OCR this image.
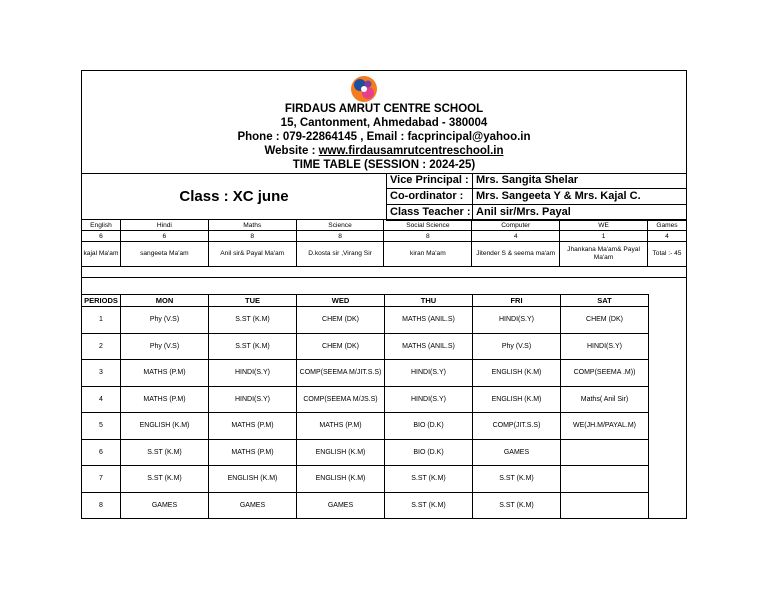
FIRDAUS AMRUT CENTRE SCHOOL
15, Cantonment, Ahmedabad - 380004
Phone : 079-22864145 , Email : facprincipal@yahoo.in
Website : www.firdausamrutcentreschool.in
TIME TABLE (SESSION : 2024-25)
Class : XC june
Vice Principal : Mrs. Sangita Shelar
Co-ordinator :	Mrs. Sangeeta Y & Mrs. Kajal C.
Class Teacher : Anil sir/Mrs. Payal
English	Hindi	Maths	Science	Social Science	Computer	WE	Games
6	6	8	8	8	4	1	4
kajal Ma'am	sangeeta Ma'am	Anil sir& Payal Ma'am	D.kosta sir ,Virang Sir	kiran Ma'am	Jitender S & seema ma'am	Jhankana Ma'am& Payal Ma'am	Total :- 45
PERIODS	MON	TUE	WED	THU	FRI	SAT
1	Phy (V.S)	S.ST (K.M)	CHEM (DK)	MATHS (ANIL.S)	HINDI(S.Y)	CHEM (DK)
2	Phy (V.S)	S.ST (K.M)	CHEM (DK)	MATHS (ANIL.S)	Phy (V.S)	HINDI(S.Y)
3	MATHS (P.M)	HINDI(S.Y)	COMP(SEEMA M/JIT.S.S)	HINDI(S.Y)	ENGLISH (K.M)	COMP(SEEMA .M))
4	MATHS (P.M)	HINDI(S.Y)	COMP(SEEMA M/JS.S)	HINDI(S.Y)	ENGLISH (K.M)	Maths( Anil Sir)
5	ENGLISH (K.M)	MATHS (P.M)	MATHS (P.M)	BIO (D.K)	COMP(JIT.S.S)	WE(JH.M/PAYAL.M)
6	S.ST (K.M)	MATHS (P.M)	ENGLISH (K.M)	BIO (D.K)	GAMES	
7	S.ST (K.M)	ENGLISH (K.M)	ENGLISH (K.M)	S.ST (K.M)	S.ST (K.M)	
8	GAMES	GAMES	GAMES	S.ST (K.M)	S.ST (K.M)	
